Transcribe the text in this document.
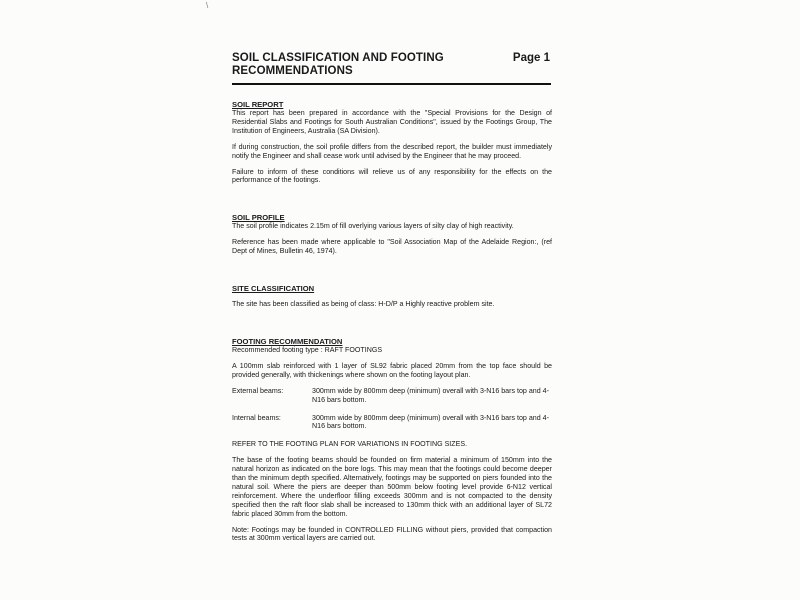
\
SOIL CLASSIFICATION AND FOOTING RECOMMENDATIONS
Page 1

SOIL REPORT

This report has been prepared in accordance with the "Special Provisions for the Design of Residential Slabs and Footings for South Australian Conditions", issued by the Footings Group, The Institution of Engineers, Australia (SA Division).

If during construction, the soil profile differs from the described report, the builder must immediately notify the Engineer and shall cease work until advised by the Engineer that he may proceed.

Failure to inform of these conditions will relieve us of any responsibility for the effects on the performance of the footings.

SOIL PROFILE

The soil profile indicates 2.15m of fill overlying various layers of silty clay of high reactivity.

Reference has been made where applicable to "Soil Association Map of the Adelaide Region:, (ref Dept of Mines, Bulletin 46, 1974).

SITE CLASSIFICATION

The site has been classified as being of class: H-D/P a Highly reactive problem site.

FOOTING RECOMMENDATION

Recommended footing type : RAFT FOOTINGS

A 100mm slab reinforced with 1 layer of SL92 fabric placed 20mm from the top face should be provided generally, with thickenings where shown on the footing layout plan.

External beams:	300mm wide by 800mm deep (minimum) overall with 3-N16 bars top and 4-N16 bars bottom.
Internal beams:	300mm wide by 800mm deep (minimum) overall with 3-N16 bars top and 4-N16 bars bottom.

REFER TO THE FOOTING PLAN FOR VARIATIONS IN FOOTING SIZES.

The base of the footing beams should be founded on firm material a minimum of 150mm into the natural horizon as indicated on the bore logs. This may mean that the footings could become deeper than the minimum depth specified. Alternatively, footings may be supported on piers founded into the natural soil. Where the piers are deeper than 500mm below footing level provide 6-N12 vertical reinforcement. Where the underfloor filling exceeds 300mm and is not compacted to the density specified then the raft floor slab shall be increased to 130mm thick with an additional layer of SL72 fabric placed 30mm from the bottom.

Note: Footings may be founded in CONTROLLED FILLING without piers, provided that compaction tests at 300mm vertical layers are carried out.
